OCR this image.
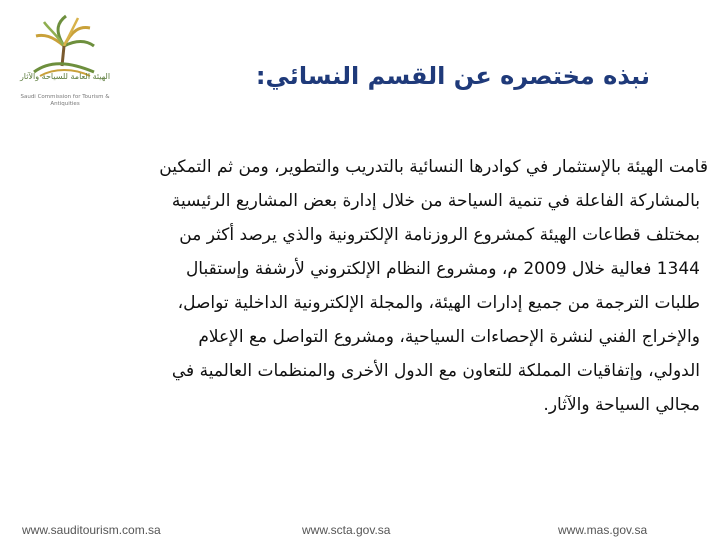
الهيئة العامة للسياحة والآثار
Saudi Commission for Tourism & Antiquities
نبذه مختصره عن القسم النسائي:
قامت الهيئة بالإستثمار في كوادرها النسائية بالتدريب والتطوير، ومن ثم التمكين
بالمشاركة الفاعلة في تنمية السياحة من خلال إدارة بعض المشاريع الرئيسية
بمختلف قطاعات الهيئة كمشروع الروزنامة الإلكترونية والذي يرصد أكثر من
1344 فعالية خلال 2009 م، ومشروع النظام الإلكتروني لأرشفة وإستقبال
طلبات الترجمة من جميع إدارات الهيئة، والمجلة الإلكترونية الداخلية تواصل،
والإخراج الفني لنشرة الإحصاءات السياحية، ومشروع التواصل مع الإعلام
الدولي، وإتفاقيات المملكة للتعاون مع الدول الأخرى والمنظمات العالمية في
مجالي السياحة والآثار.
www.sauditourism.com.sa	www.scta.gov.sa	www.mas.gov.sa
